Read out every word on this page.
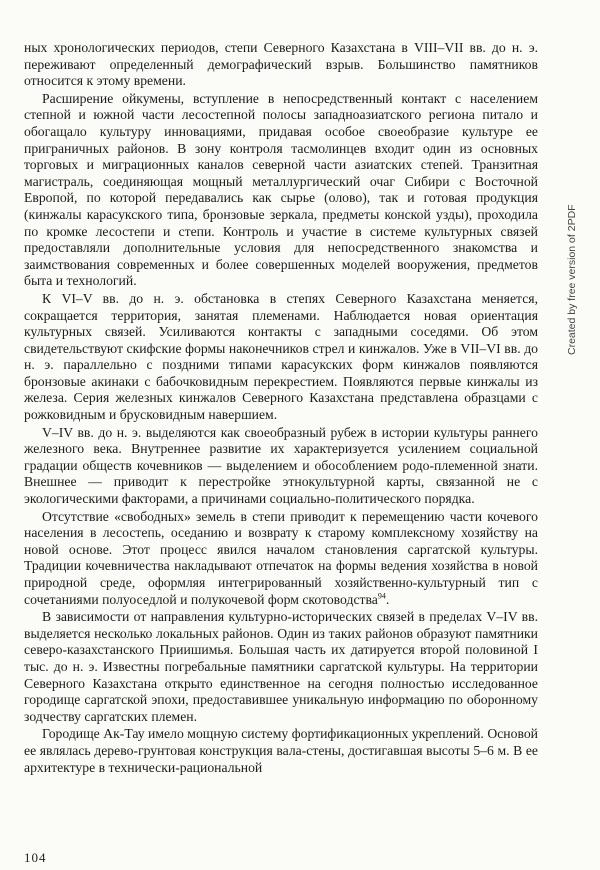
ных хронологических периодов, степи Северного Казахстана в VIII–VII вв. до н. э. переживают определенный демографический взрыв. Большинство памятников относится к этому времени.

Расширение ойкумены, вступление в непосредственный контакт с населением степной и южной части лесостепной полосы западноазиатского региона питало и обогащало культуру инновациями, придавая особое своеобразие культуре ее приграничных районов. В зону контроля тасмолинцев входит один из основных торговых и миграционных каналов северной части азиатских степей. Транзитная магистраль, соединяющая мощный металлургический очаг Сибири с Восточной Европой, по которой передавались как сырье (олово), так и готовая продукция (кинжалы карасукского типа, бронзовые зеркала, предметы конской узды), проходила по кромке лесостепи и степи. Контроль и участие в системе культурных связей предоставляли дополнительные условия для непосредственного знакомства и заимствования современных и более совершенных моделей вооружения, предметов быта и технологий.

К VI–V вв. до н. э. обстановка в степях Северного Казахстана меняется, сокращается территория, занятая племенами. Наблюдается новая ориентация культурных связей. Усиливаются контакты с западными соседями. Об этом свидетельствуют скифские формы наконечников стрел и кинжалов. Уже в VII–VI вв. до н. э. параллельно с поздними типами карасукских форм кинжалов появляются бронзовые акинаки с бабочковидным перекрестием. Появляются первые кинжалы из железа. Серия железных кинжалов Северного Казахстана представлена образцами с рожковидным и брусковидным навершием.

V–IV вв. до н. э. выделяются как своеобразный рубеж в истории культуры раннего железного века. Внутреннее развитие их характеризуется усилением социальной градации обществ кочевников — выделением и обособлением родо-племенной знати. Внешнее — приводит к перестройке этнокультурной карты, связанной не с экологическими факторами, а причинами социально-политического порядка.

Отсутствие «свободных» земель в степи приводит к перемещению части кочевого населения в лесостепь, оседанию и возврату к старому комплексному хозяйству на новой основе. Этот процесс явился началом становления саргатской культуры. Традиции кочевничества накладывают отпечаток на формы ведения хозяйства в новой природной среде, оформляя интегрированный хозяйственно-культурный тип с сочетаниями полуоседлой и полукочевой форм скотоводства$^{94}$.

В зависимости от направления культурно-исторических связей в пределах V–IV вв. выделяется несколько локальных районов. Один из таких районов образуют памятники северо-казахстанского Приишимья. Большая часть их датируется второй половиной I тыс. до н. э. Известны погребальные памятники саргатской культуры. На территории Северного Казахстана открыто единственное на сегодня полностью исследованное городище саргатской эпохи, предоставившее уникальную информацию по оборонному зодчеству саргатских племен.

Городище Ак-Тау имело мощную систему фортификационных укреплений. Основой ее являлась дерево-грунтовая конструкция вала-стены, достигавшая высоты 5–6 м. В ее архитектуре в технически-рациональной

Created by free version of 2PDF
104
